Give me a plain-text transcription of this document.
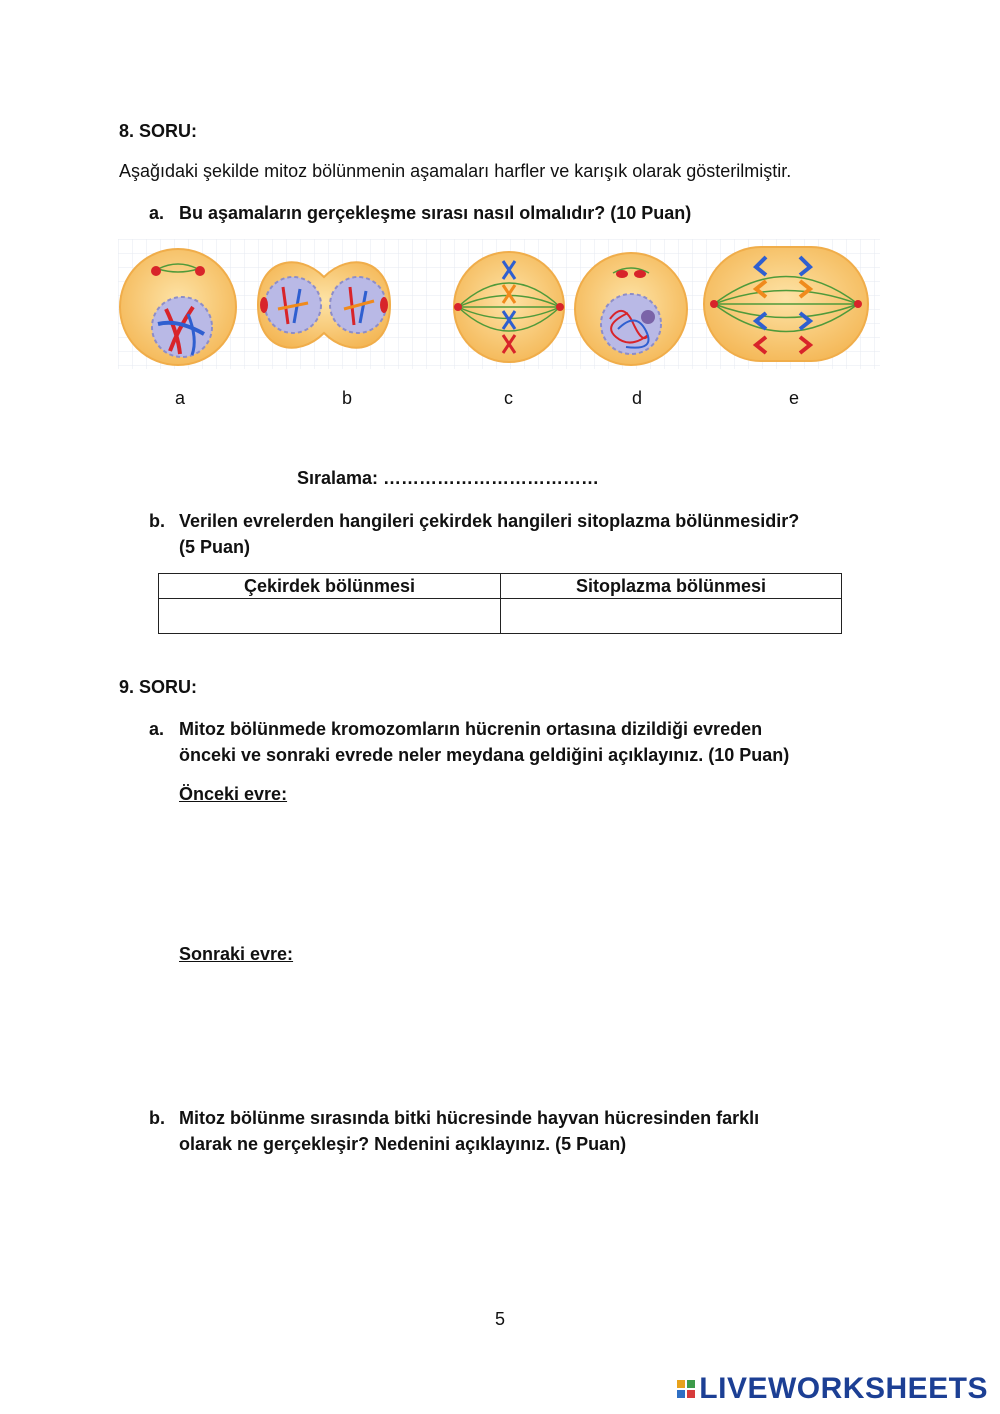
8. SORU:
Aşağıdaki şekilde mitoz bölünmenin aşamaları harfler ve karışık olarak gösterilmiştir.
a. Bu aşamaların gerçekleşme sırası nasıl olmalıdır? (10 Puan)
a	b	c	d	e
Sıralama: ………………………………
b. Verilen evrelerden hangileri çekirdek hangileri sitoplazma bölünmesidir?
(5 Puan)
Çekirdek bölünmesi	Sitoplazma bölünmesi

9. SORU:
a. Mitoz bölünmede kromozomların hücrenin ortasına dizildiği evreden
önceki ve sonraki evrede neler meydana geldiğini açıklayınız. (10 Puan)
Önceki evre:
Sonraki evre:
b. Mitoz bölünme sırasında bitki hücresinde hayvan hücresinden farklı
olarak ne gerçekleşir? Nedenini açıklayınız. (5 Puan)
5
LIVEWORKSHEETS
